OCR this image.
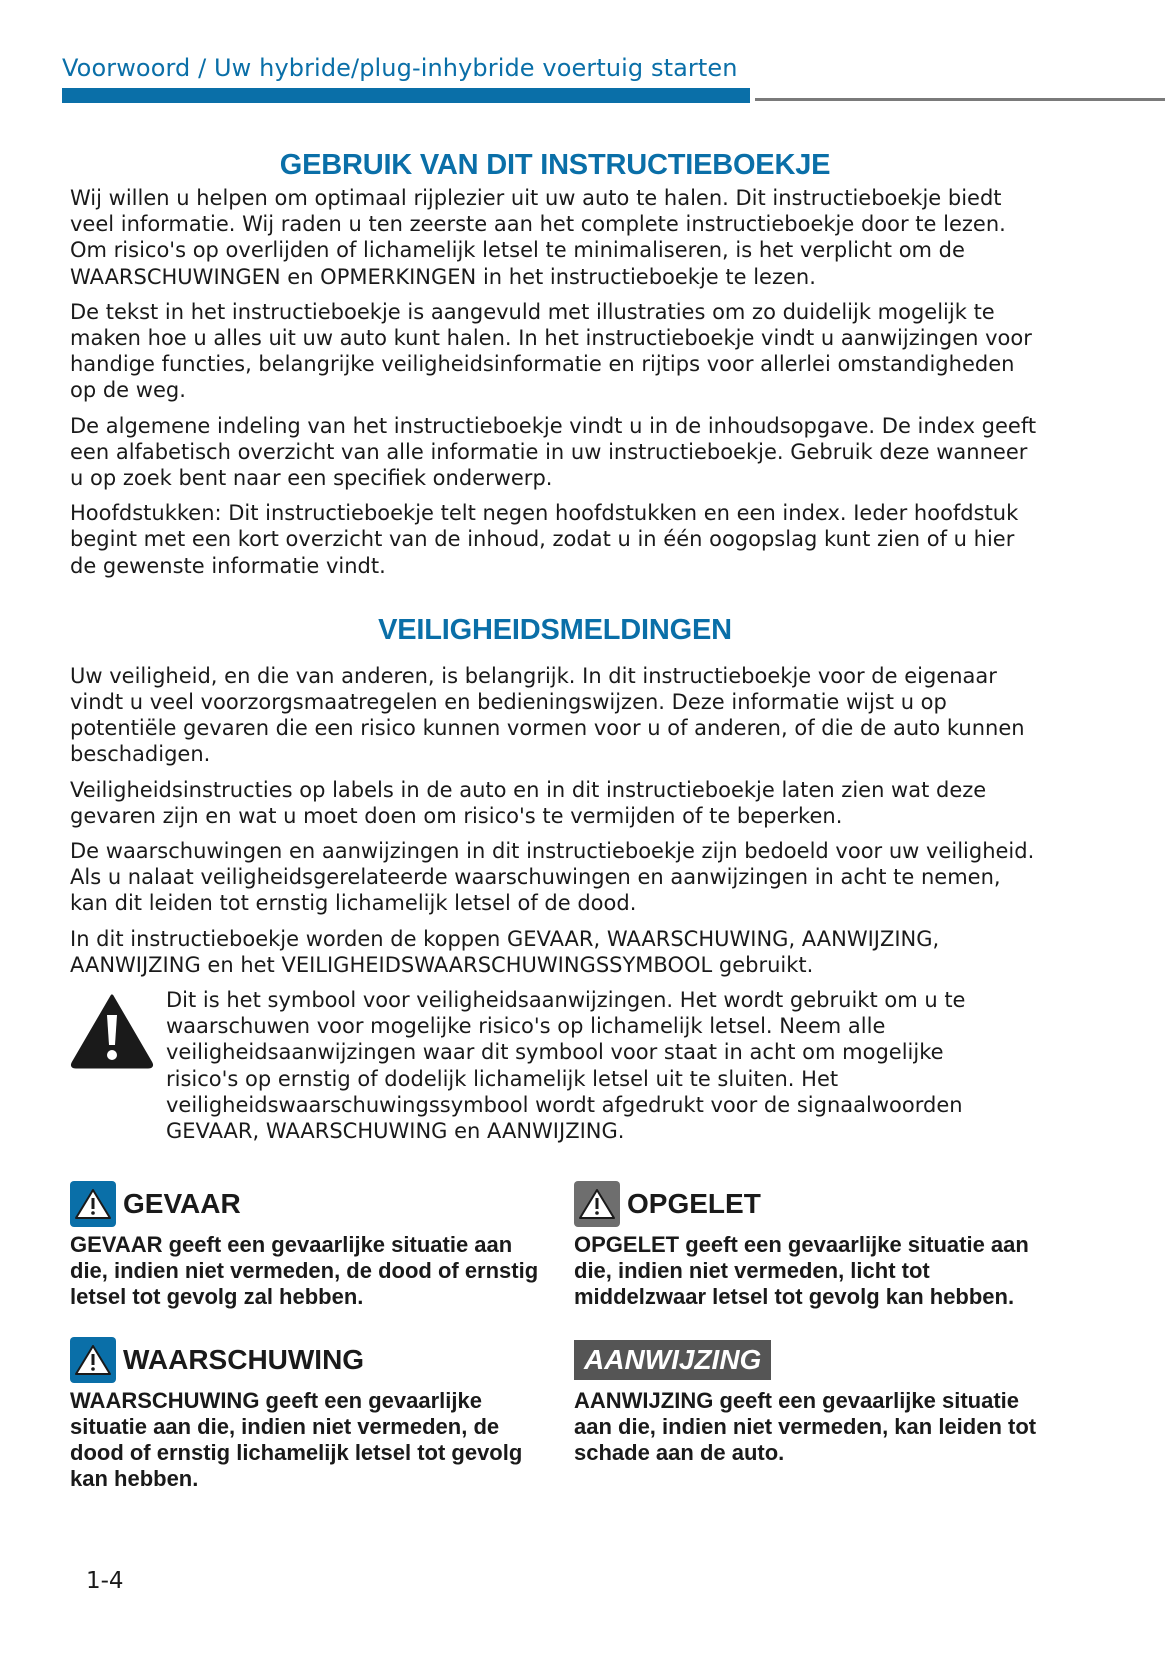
Voorwoord / Uw hybride/plug-inhybride voertuig starten
GEBRUIK VAN DIT INSTRUCTIEBOEKJE

Wij willen u helpen om optimaal rijplezier uit uw auto te halen. Dit instructieboekje biedt veel informatie. Wij raden u ten zeerste aan het complete instructieboekje door te lezen. Om risico's op overlijden of lichamelijk letsel te minimaliseren, is het verplicht om de WAARSCHUWINGEN en OPMERKINGEN in het instructieboekje te lezen.

De tekst in het instructieboekje is aangevuld met illustraties om zo duidelijk mogelijk te maken hoe u alles uit uw auto kunt halen. In het instructieboekje vindt u aanwijzingen voor handige functies, belangrijke veiligheidsinformatie en rijtips voor allerlei omstandigheden op de weg.

De algemene indeling van het instructieboekje vindt u in de inhoudsopgave. De index geeft een alfabetisch overzicht van alle informatie in uw instructieboekje. Gebruik deze wanneer u op zoek bent naar een specifiek onderwerp.

Hoofdstukken: Dit instructieboekje telt negen hoofdstukken en een index. Ieder hoofdstuk begint met een kort overzicht van de inhoud, zodat u in één oogopslag kunt zien of u hier de gewenste informatie vindt.

VEILIGHEIDSMELDINGEN

Uw veiligheid, en die van anderen, is belangrijk. In dit instructieboekje voor de eigenaar vindt u veel voorzorgsmaatregelen en bedieningswijzen. Deze informatie wijst u op potentiële gevaren die een risico kunnen vormen voor u of anderen, of die de auto kunnen beschadigen.

Veiligheidsinstructies op labels in de auto en in dit instructieboekje laten zien wat deze gevaren zijn en wat u moet doen om risico's te vermijden of te beperken.

De waarschuwingen en aanwijzingen in dit instructieboekje zijn bedoeld voor uw veiligheid. Als u nalaat veiligheidsgerelateerde waarschuwingen en aanwijzingen in acht te nemen, kan dit leiden tot ernstig lichamelijk letsel of de dood.

In dit instructieboekje worden de koppen GEVAAR, WAARSCHUWING, AANWIJZING, AANWIJZING en het VEILIGHEIDSWAARSCHUWINGSSYMBOOL gebruikt.

Dit is het symbool voor veiligheidsaanwijzingen. Het wordt gebruikt om u te waarschuwen voor mogelijke risico's op lichamelijk letsel. Neem alle veiligheidsaanwijzingen waar dit symbool voor staat in acht om mogelijke risico's op ernstig of dodelijk lichamelijk letsel uit te sluiten. Het veiligheidswaarschuwingssymbool wordt afgedrukt voor de signaalwoorden GEVAAR, WAARSCHUWING en AANWIJZING.

GEVAAR

GEVAAR geeft een gevaarlijke situatie aan die, indien niet vermeden, de dood of ernstig letsel tot gevolg zal hebben.

WAARSCHUWING

WAARSCHUWING geeft een gevaarlijke situatie aan die, indien niet vermeden, de dood of ernstig lichamelijk letsel tot gevolg kan hebben.

OPGELET

OPGELET geeft een gevaarlijke situatie aan die, indien niet vermeden, licht tot middelzwaar letsel tot gevolg kan hebben.

AANWIJZING

AANWIJZING geeft een gevaarlijke situatie aan die, indien niet vermeden, kan leiden tot schade aan de auto.

1-4
